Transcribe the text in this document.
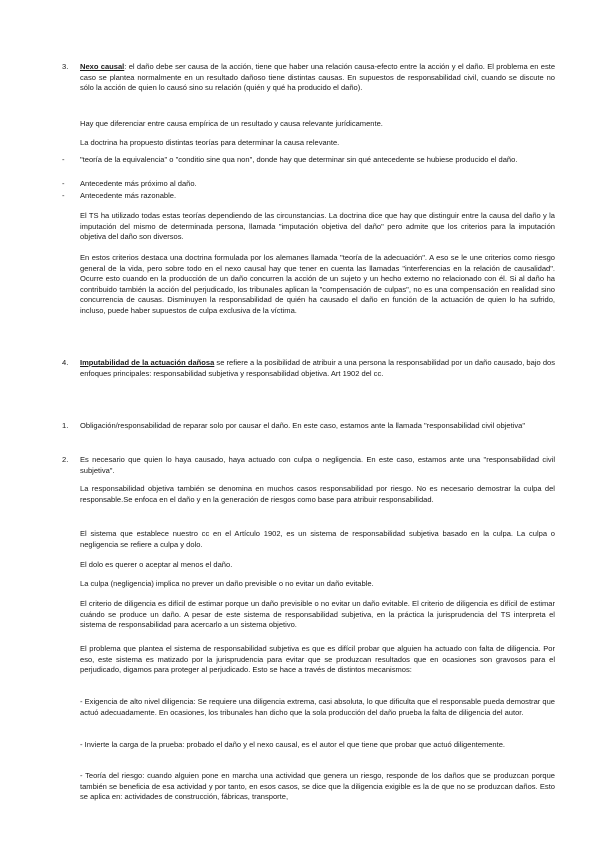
3. Nexo causal: el daño debe ser causa de la acción, tiene que haber una relación causa-efecto entre la acción y el daño. El problema en este caso se plantea normalmente en un resultado dañoso tiene distintas causas. En supuestos de responsabilidad civil, cuando se discute no sólo la acción de quien lo causó sino su relación (quién y qué ha producido el daño).

Hay que diferenciar entre causa empírica de un resultado y causa relevante jurídicamente.

La doctrina ha propuesto distintas teorías para determinar la causa relevante.

- "teoría de la equivalencia" o "conditio sine qua non", donde hay que determinar sin qué antecedente se hubiese producido el daño.

- Antecedente más próximo al daño.

- Antecedente más razonable.

El TS ha utilizado todas estas teorías dependiendo de las circunstancias. La doctrina dice que hay que distinguir entre la causa del daño y la imputación del mismo de determinada persona, llamada "imputación objetiva del daño" pero admite que los criterios para la imputación objetiva del daño son diversos.

En estos criterios destaca una doctrina formulada por los alemanes llamada "teoría de la adecuación". A eso se le une criterios como riesgo general de la vida, pero sobre todo en el nexo causal hay que tener en cuenta las llamadas "interferencias en la relación de causalidad". Ocurre esto cuando en la producción de un daño concurren la acción de un sujeto y un hecho externo no relacionado con él. Si al daño ha contribuido también la acción del perjudicado, los tribunales aplican la "compensación de culpas", no es una compensación en realidad sino concurrencia de causas. Disminuyen la responsabilidad de quién ha causado el daño en función de la actuación de quien lo ha sufrido, incluso, puede haber supuestos de culpa exclusiva de la víctima.

4. Imputabilidad de la actuación dañosa se refiere a la posibilidad de atribuir a una persona la responsabilidad por un daño causado, bajo dos enfoques principales: responsabilidad subjetiva y responsabilidad objetiva. Art 1902 del cc.

1. Obligación/responsabilidad de reparar solo por causar el daño. En este caso, estamos ante la llamada "responsabilidad civil objetiva"

2. Es necesario que quien lo haya causado, haya actuado con culpa o negligencia. En este caso, estamos ante una "responsabilidad civil subjetiva".

La responsabilidad objetiva también se denomina en muchos casos responsabilidad por riesgo. No es necesario demostrar la culpa del responsable.Se enfoca en el daño y en la generación de riesgos como base para atribuir responsabilidad.

El sistema que establece nuestro cc en el Artículo 1902, es un sistema de responsabilidad subjetiva basado en la culpa. La culpa o negligencia se refiere a culpa y dolo.

El dolo es querer o aceptar al menos el daño.

La culpa (negligencia) implica no prever un daño previsible o no evitar un daño evitable.

El criterio de diligencia es difícil de estimar porque un daño previsible o no evitar un daño evitable. El criterio de diligencia es difícil de estimar cuándo se produce un daño. A pesar de este sistema de responsabilidad subjetiva, en la práctica la jurisprudencia del TS interpreta el sistema de responsabilidad para acercarlo a un sistema objetivo.

El problema que plantea el sistema de responsabilidad subjetiva es que es difícil probar que alguien ha actuado con falta de diligencia. Por eso, este sistema es matizado por la jurisprudencia para evitar que se produzcan resultados que en ocasiones son gravosos para el perjudicado, digamos para proteger al perjudicado. Esto se hace a través de distintos mecanismos:

- Exigencia de alto nivel diligencia: Se requiere una diligencia extrema, casi absoluta, lo que dificulta que el responsable pueda demostrar que actuó adecuadamente. En ocasiones, los tribunales han dicho que la sola producción del daño prueba la falta de diligencia del autor.

- Invierte la carga de la prueba: probado el daño y el nexo causal, es el autor el que tiene que probar que actuó diligentemente.

- Teoría del riesgo: cuando alguien pone en marcha una actividad que genera un riesgo, responde de los daños que se produzcan porque también se beneficia de esa actividad y por tanto, en esos casos, se dice que la diligencia exigible es la de que no se produzcan daños. Esto se aplica en: actividades de construcción, fábricas, transporte,
